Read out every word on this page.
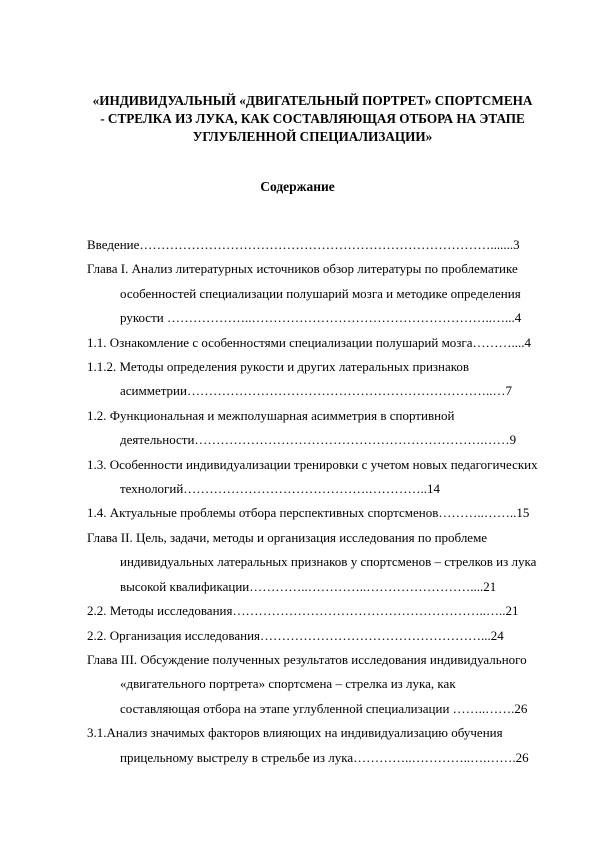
«ИНДИВИДУАЛЬНЫЙ «ДВИГАТЕЛЬНЫЙ ПОРТРЕТ» СПОРТСМЕНА
- СТРЕЛКА ИЗ ЛУКА, КАК СОСТАВЛЯЮЩАЯ ОТБОРА НА ЭТАПЕ
УГЛУБЛЕННОЙ СПЕЦИАЛИЗАЦИИ»
Содержание
Введение……………………………………………………………………….......3
Глава I. Анализ литературных источников обзор литературы по проблематике
особенностей специализации полушарий мозга и методике определения
рукости ………………..………………………………………………..…...4
1.1. Ознакомление с особенностями специализации полушарий мозга………....4
1.1.2. Методы определения рукости и других латеральных признаков
асимметрии……………………………………………………………..…7
1.2. Функциональная и межполушарная асимметрия в спортивной
деятельности………………………………………………………….……9
1.3. Особенности индивидуализации тренировки с учетом новых педагогических
технологий…………………………………….…………..14
1.4. Актуальные проблемы отбора перспективных спортсменов………..……..15
Глава II. Цель, задачи, методы и организация исследования по проблеме
индивидуальных латеральных признаков у спортсменов – стрелков из лука
высокой квалификации…………..…………..……………………....21
2.2. Методы исследования…………………………………………………..…..21
2.2. Организация исследования……………………………………………...24
Глава III. Обсуждение полученных результатов исследования индивидуального
«двигательного портрета» спортсмена – стрелка из лука, как
составляющая отбора на этапе углубленной специализации ……..…….26
3.1.Анализ значимых факторов влияющих на индивидуализацию обучения
прицельному выстрелу в стрельбе из лука…………..…………..….…….26
